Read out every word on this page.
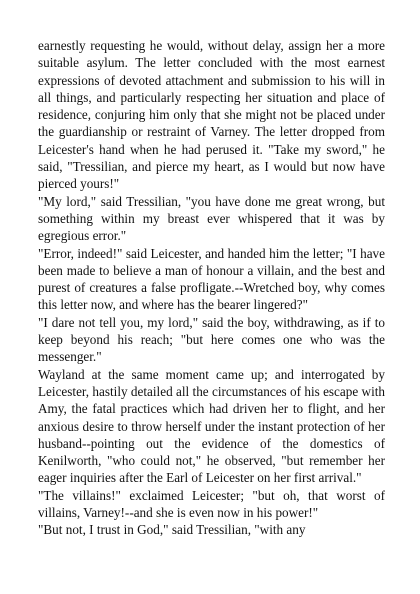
earnestly requesting he would, without delay, assign her a more suitable asylum. The letter concluded with the most earnest expressions of devoted attachment and submission to his will in all things, and particularly respecting her situation and place of residence, conjuring him only that she might not be placed under the guardianship or restraint of Varney. The letter dropped from Leicester's hand when he had perused it. "Take my sword," he said, "Tressilian, and pierce my heart, as I would but now have pierced yours!"

"My lord," said Tressilian, "you have done me great wrong, but something within my breast ever whispered that it was by egregious error."

"Error, indeed!" said Leicester, and handed him the letter; "I have been made to believe a man of honour a villain, and the best and purest of creatures a false profligate.--Wretched boy, why comes this letter now, and where has the bearer lingered?"

"I dare not tell you, my lord," said the boy, withdrawing, as if to keep beyond his reach; "but here comes one who was the messenger."

Wayland at the same moment came up; and interrogated by Leicester, hastily detailed all the circumstances of his escape with Amy, the fatal practices which had driven her to flight, and her anxious desire to throw herself under the instant protection of her husband--pointing out the evidence of the domestics of Kenilworth, "who could not," he observed, "but remember her eager inquiries after the Earl of Leicester on her first arrival."

"The villains!" exclaimed Leicester; "but oh, that worst of villains, Varney!--and she is even now in his power!"

"But not, I trust in God," said Tressilian, "with any
